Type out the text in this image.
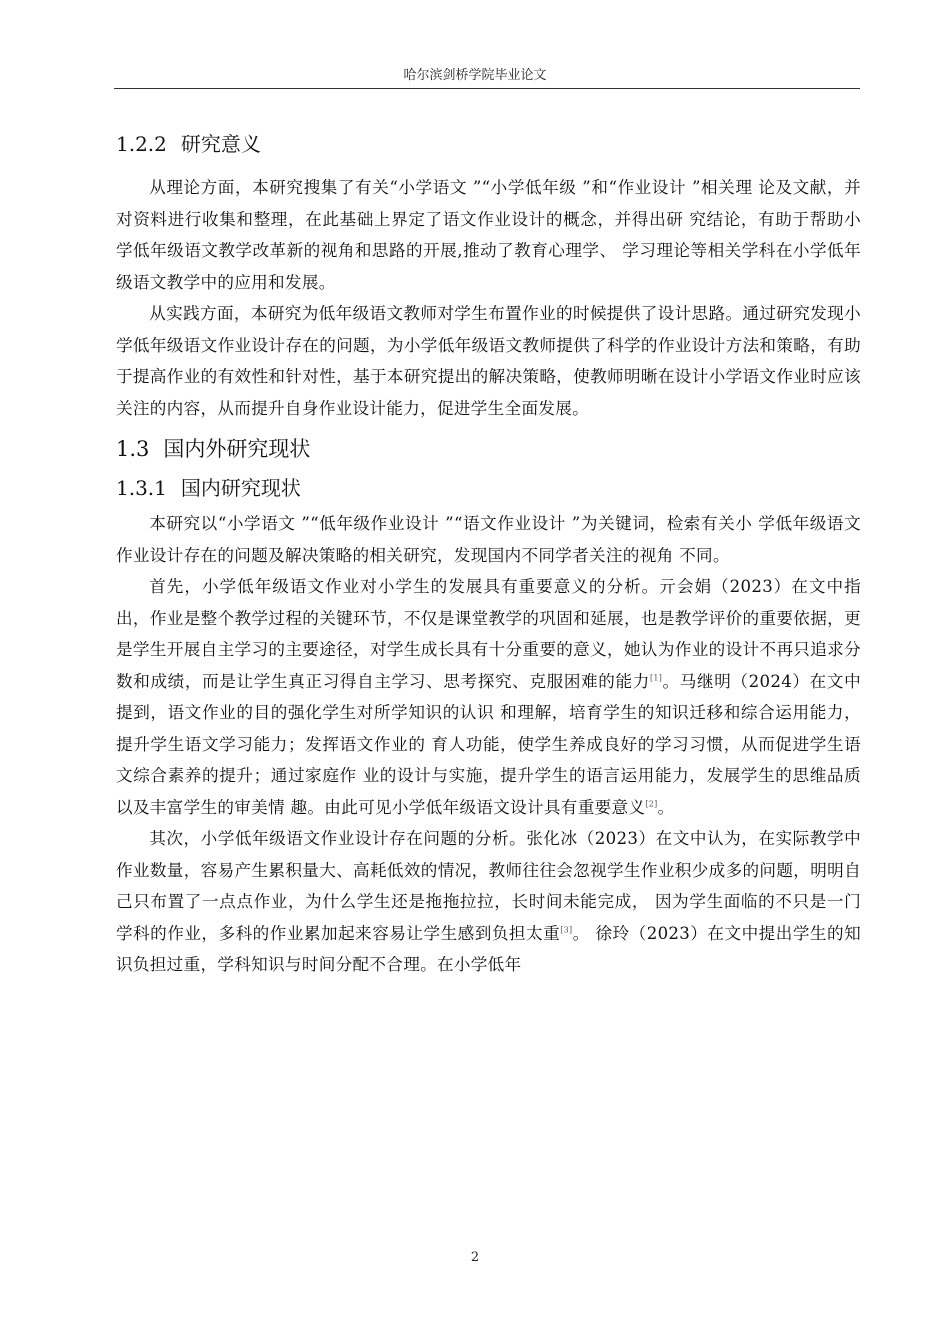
哈尔滨剑桥学院毕业论文
1.2.2 研究意义

从理论方面，本研究搜集了有关“小学语文 ”“小学低年级 ”和“作业设计 ”相关理 论及文献，并对资料进行收集和整理，在此基础上界定了语文作业设计的概念，并得出研 究结论，有助于帮助小学低年级语文教学改革新的视角和思路的开展,推动了教育心理学、 学习理论等相关学科在小学低年级语文教学中的应用和发展。

从实践方面，本研究为低年级语文教师对学生布置作业的时候提供了设计思路。通过研究发现小学低年级语文作业设计存在的问题，为小学低年级语文教师提供了科学的作业设计方法和策略，有助于提高作业的有效性和针对性，基于本研究提出的解决策略，使教师明晰在设计小学语文作业时应该关注的内容，从而提升自身作业设计能力，促进学生全面发展。

1.3 国内外研究现状
1.3.1 国内研究现状

本研究以“小学语文 ”“低年级作业设计 ”“语文作业设计 ”为关键词，检索有关小 学低年级语文作业设计存在的问题及解决策略的相关研究，发现国内不同学者关注的视角 不同。

首先，小学低年级语文作业对小学生的发展具有重要意义的分析。亓会娟（2023）在文中指出，作业是整个教学过程的关键环节，不仅是课堂教学的巩固和延展，也是教学评价的重要依据，更是学生开展自主学习的主要途径，对学生成长具有十分重要的意义，她认为作业的设计不再只追求分数和成绩，而是让学生真正习得自主学习、思考探究、克服困难的能力[1]。马继明（2024）在文中提到，语文作业的目的强化学生对所学知识的认识 和理解，培育学生的知识迁移和综合运用能力，提升学生语文学习能力；发挥语文作业的 育人功能，使学生养成良好的学习习惯，从而促进学生语文综合素养的提升；通过家庭作 业的设计与实施，提升学生的语言运用能力，发展学生的思维品质以及丰富学生的审美情 趣。由此可见小学低年级语文设计具有重要意义[2]。

其次，小学低年级语文作业设计存在问题的分析。张化冰（2023）在文中认为，在实际教学中作业数量，容易产生累积量大、高耗低效的情况，教师往往会忽视学生作业积少成多的问题，明明自己只布置了一点点作业，为什么学生还是拖拖拉拉，长时间未能完成， 因为学生面临的不只是一门学科的作业，多科的作业累加起来容易让学生感到负担太重[3]。 徐玲（2023）在文中提出学生的知识负担过重，学科知识与时间分配不合理。在小学低年

2
